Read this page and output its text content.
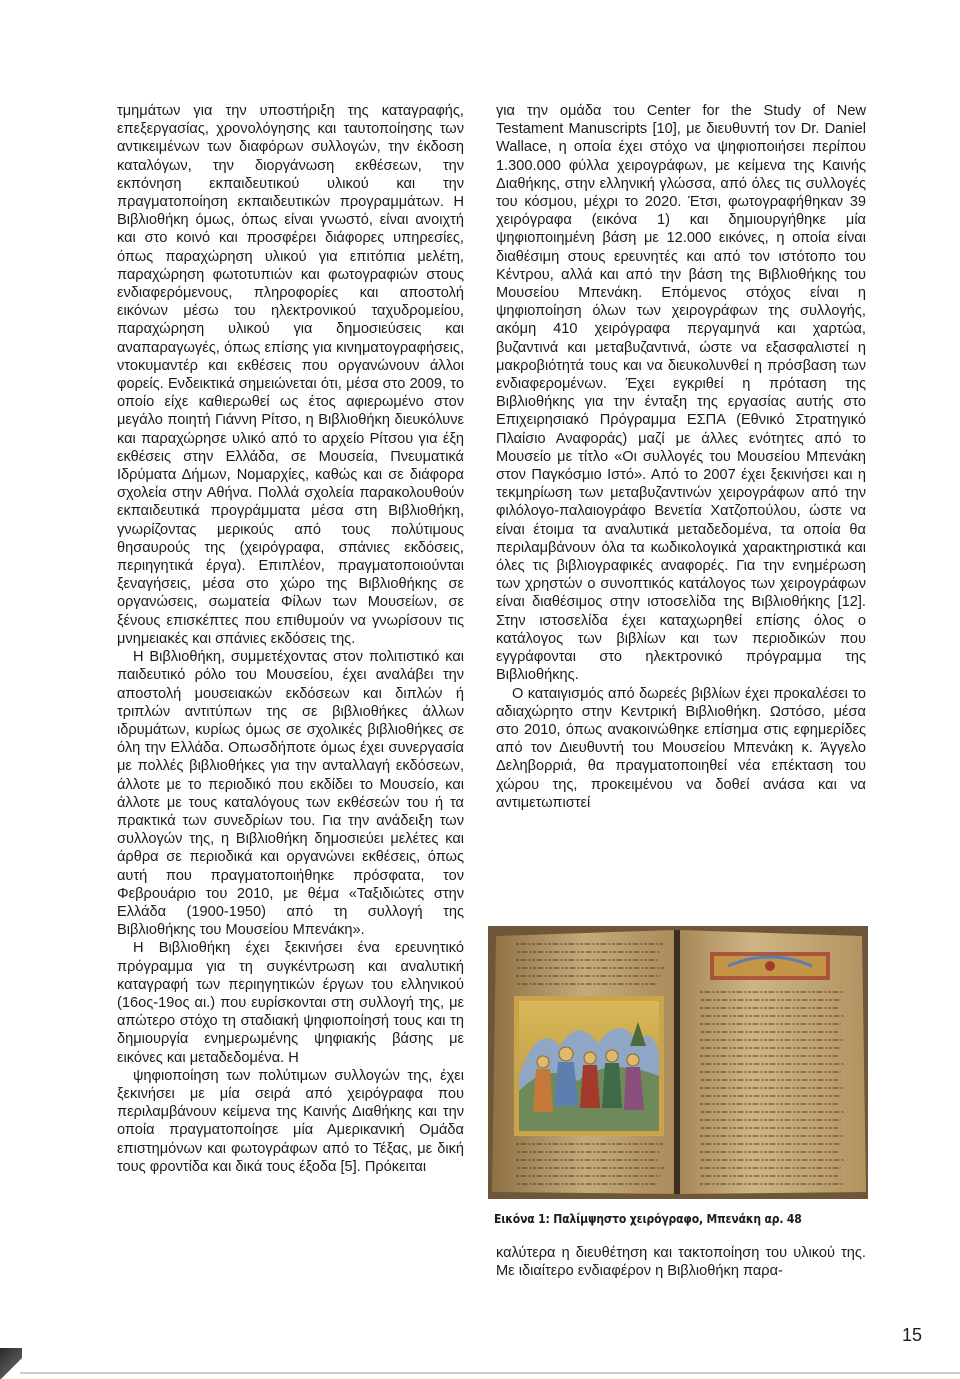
τμημάτων για την υποστήριξη της καταγραφής, επεξεργασίας, χρονολόγησης και ταυτοποίησης των αντικειμένων των διαφόρων συλλογών, την έκδοση καταλόγων, την διοργάνωση εκθέσεων, την εκπόνηση εκπαιδευτικού υλικού και την πραγματοποίηση εκπαιδευτικών προγραμμάτων. Η Βιβλιοθήκη όμως, όπως είναι γνωστό, είναι ανοιχτή και στο κοινό και προσφέρει διάφορες υπηρεσίες, όπως παραχώρηση υλικού για επιτόπια μελέτη, παραχώρηση φωτοτυπιών και φωτογραφιών στους ενδιαφερόμενους, πληροφορίες και αποστολή εικόνων μέσω του ηλεκτρονικού ταχυδρομείου, παραχώρηση υλικού για δημοσιεύσεις και αναπαραγωγές, όπως επίσης για κινηματογραφήσεις, ντοκυμαντέρ και εκθέσεις που οργανώνουν άλλοι φορείς. Ενδεικτικά σημειώνεται ότι, μέσα στο 2009, το οποίο είχε καθιερωθεί ως έτος αφιερωμένο στον μεγάλο ποιητή Γιάννη Ρίτσο, η Βιβλιοθήκη διευκόλυνε και παραχώρησε υλικό από το αρχείο Ρίτσου για έξη εκθέσεις στην Ελλάδα, σε Μουσεία, Πνευματικά Ιδρύματα Δήμων, Νομαρχίες, καθώς και σε διάφορα σχολεία στην Αθήνα. Πολλά σχολεία παρακολουθούν εκπαιδευτικά προγράμματα μέσα στη Βιβλιοθήκη, γνωρίζοντας μερικούς από τους πολύτιμους θησαυρούς της (χειρόγραφα, σπάνιες εκδόσεις, περιηγητικά έργα). Επιπλέον, πραγματοποιούνται ξεναγήσεις, μέσα στο χώρο της Βιβλιοθήκης σε οργανώσεις, σωματεία Φίλων των Μουσείων, σε ξένους επισκέπτες που επιθυμούν να γνωρίσουν τις μνημειακές και σπάνιες εκδόσεις της.

Η Βιβλιοθήκη, συμμετέχοντας στον πολιτιστικό και παιδευτικό ρόλο του Μουσείου, έχει αναλάβει την αποστολή μουσειακών εκδόσεων και διπλών ή τριπλών αντιτύπων της σε βιβλιοθήκες άλλων ιδρυμάτων, κυρίως όμως σε σχολικές βιβλιοθήκες σε όλη την Ελλάδα. Οπωσδήποτε όμως έχει συνεργασία με πολλές βιβλιοθήκες για την ανταλλαγή εκδόσεων, άλλοτε με το περιοδικό που εκδίδει το Μουσείο, και άλλοτε με τους καταλόγους των εκθέσεών του ή τα πρακτικά των συνεδρίων του. Για την ανάδειξη των συλλογών της, η Βιβλιοθήκη δημοσιεύει μελέτες και άρθρα σε περιοδικά και οργανώνει εκθέσεις, όπως αυτή που πραγματοποιήθηκε πρόσφατα, τον Φεβρουάριο του 2010, με θέμα «Ταξιδιώτες στην Ελλάδα (1900-1950) από τη συλλογή της Βιβλιοθήκης του Μουσείου Μπενάκη».

Η Βιβλιοθήκη έχει ξεκινήσει ένα ερευνητικό πρόγραμμα για τη συγκέντρωση και αναλυτική καταγραφή των περιηγητικών έργων του ελληνικού (16ος-19ος αι.) που ευρίσκονται στη συλλογή της, με απώτερο στόχο τη σταδιακή ψηφιοποίησή τους και τη δημιουργία ενημερωμένης ψηφιακής βάσης με εικόνες και μεταδεδομένα. Η

ψηφιοποίηση των πολύτιμων συλλογών της, έχει ξεκινήσει με μία σειρά από χειρόγραφα που περιλαμβάνουν κείμενα της Καινής Διαθήκης και την οποία πραγματοποίησε μία Αμερικανική Ομάδα επιστημόνων και φωτογράφων από το Τέξας, με δική τους φροντίδα και δικά τους έξοδα [5]. Πρόκειται

για την ομάδα του Center for the Study of New Testament Manuscripts [10], με διευθυντή τον Dr. Daniel Wallace, η οποία έχει στόχο να ψηφιοποιήσει περίπου 1.300.000 φύλλα χειρογράφων, με κείμενα της Καινής Διαθήκης, στην ελληνική γλώσσα, από όλες τις συλλογές του κόσμου, μέχρι το 2020. Έτσι, φωτογραφήθηκαν 39 χειρόγραφα (εικόνα 1) και δημιουργήθηκε μία ψηφιοποιημένη βάση με 12.000 εικόνες, η οποία είναι διαθέσιμη στους ερευνητές και από τον ιστότοπο του Κέντρου, αλλά και από την βάση της Βιβλιοθήκης του Μουσείου Μπενάκη. Επόμενος στόχος είναι η ψηφιοποίηση όλων των χειρογράφων της συλλογής, ακόμη 410 χειρόγραφα περγαμηνά και χαρτώα, βυζαντινά και μεταβυζαντινά, ώστε να εξασφαλιστεί η μακροβιότητά τους και να διευκολυνθεί η πρόσβαση των ενδιαφερομένων. Έχει εγκριθεί η πρόταση της Βιβλιοθήκης για την ένταξη της εργασίας αυτής στο Επιχειρησιακό Πρόγραμμα ΕΣΠΑ (Εθνικό Στρατηγικό Πλαίσιο Αναφοράς) μαζί με άλλες ενότητες από το Μουσείο με τίτλο «Οι συλλογές του Μουσείου Μπενάκη στον Παγκόσμιο Ιστό». Από το 2007 έχει ξεκινήσει και η τεκμηρίωση των μεταβυζαντινών χειρογράφων από την φιλόλογο-παλαιογράφο Βενετία Χατζοπούλου, ώστε να είναι έτοιμα τα αναλυτικά μεταδεδομένα, τα οποία θα περιλαμβάνουν όλα τα κωδικολογικά χαρακτηριστικά και όλες τις βιβλιογραφικές αναφορές. Για την ενημέρωση των χρηστών ο συνοπτικός κατάλογος των χειρογράφων είναι διαθέσιμος στην ιστοσελίδα της Βιβλιοθήκης [12]. Στην ιστοσελίδα έχει καταχωρηθεί επίσης όλος ο κατάλογος των βιβλίων και των περιοδικών που εγγράφονται στο ηλεκτρονικό πρόγραμμα της Βιβλιοθήκης.

Ο καταιγισμός από δωρεές βιβλίων έχει προκαλέσει το αδιαχώρητο στην Κεντρική Βιβλιοθήκη. Ωστόσο, μέσα στο 2010, όπως ανακοινώθηκε επίσημα στις εφημερίδες από τον Διευθυντή του Μουσείου Μπενάκη κ. Άγγελο Δεληβορριά, θα πραγματοποιηθεί νέα επέκταση του χώρου της, προκειμένου να δοθεί ανάσα και να αντιμετωπιστεί

Εικόνα 1: Παλίμψηστο χειρόγραφο, Μπενάκη αρ. 48

καλύτερα η διευθέτηση και τακτοποίηση του υλικού της. Με ιδιαίτερο ενδιαφέρον η Βιβλιοθήκη παρα-

15
